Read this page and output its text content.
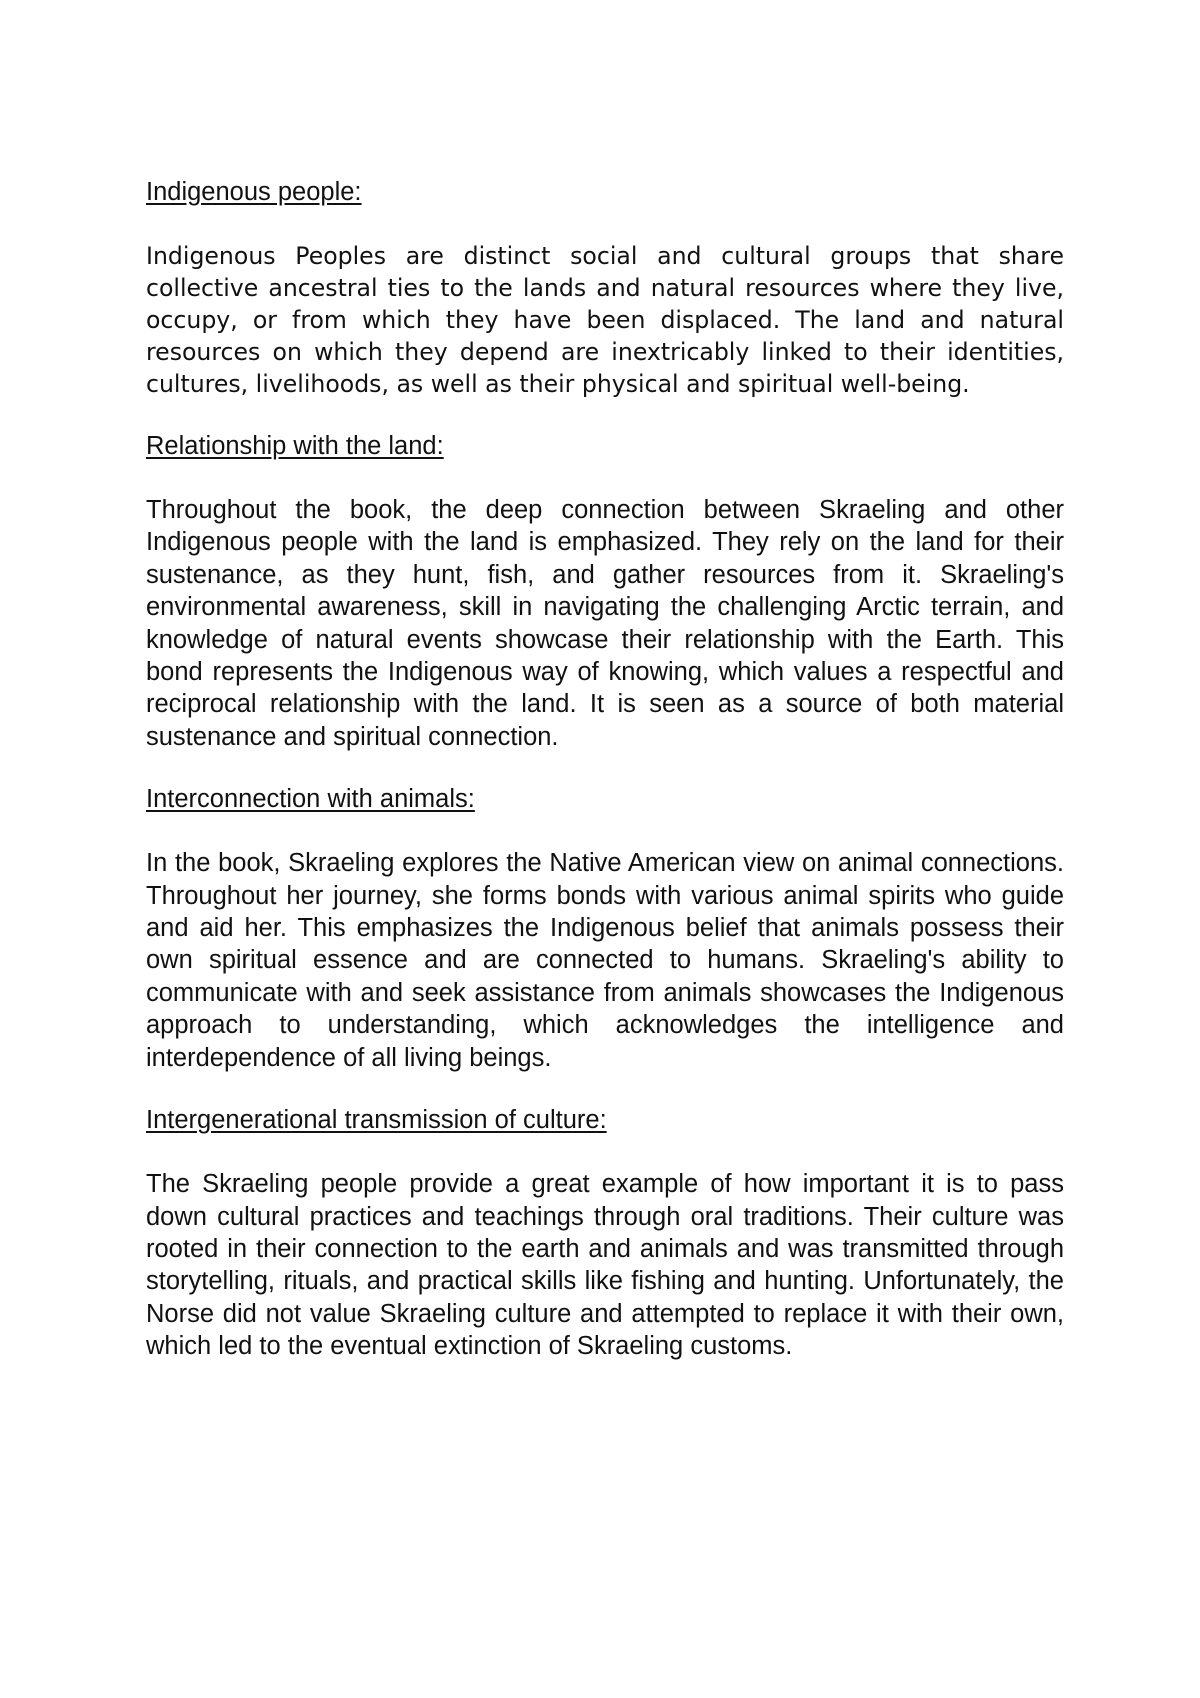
Indigenous people:
Indigenous Peoples are distinct social and cultural groups that share collective ancestral ties to the lands and natural resources where they live, occupy, or from which they have been displaced. The land and natural resources on which they depend are inextricably linked to their identities, cultures, livelihoods, as well as their physical and spiritual well-being.
Relationship with the land:
Throughout the book, the deep connection between Skraeling and other Indigenous people with the land is emphasized. They rely on the land for their sustenance, as they hunt, fish, and gather resources from it. Skraeling's environmental awareness, skill in navigating the challenging Arctic terrain, and knowledge of natural events showcase their relationship with the Earth. This bond represents the Indigenous way of knowing, which values a respectful and reciprocal relationship with the land. It is seen as a source of both material sustenance and spiritual connection.
Interconnection with animals:
In the book, Skraeling explores the Native American view on animal connections. Throughout her journey, she forms bonds with various animal spirits who guide and aid her. This emphasizes the Indigenous belief that animals possess their own spiritual essence and are connected to humans. Skraeling's ability to communicate with and seek assistance from animals showcases the Indigenous approach to understanding, which acknowledges the intelligence and interdependence of all living beings.
Intergenerational transmission of culture:
The Skraeling people provide a great example of how important it is to pass down cultural practices and teachings through oral traditions. Their culture was rooted in their connection to the earth and animals and was transmitted through storytelling, rituals, and practical skills like fishing and hunting. Unfortunately, the Norse did not value Skraeling culture and attempted to replace it with their own, which led to the eventual extinction of Skraeling customs.
